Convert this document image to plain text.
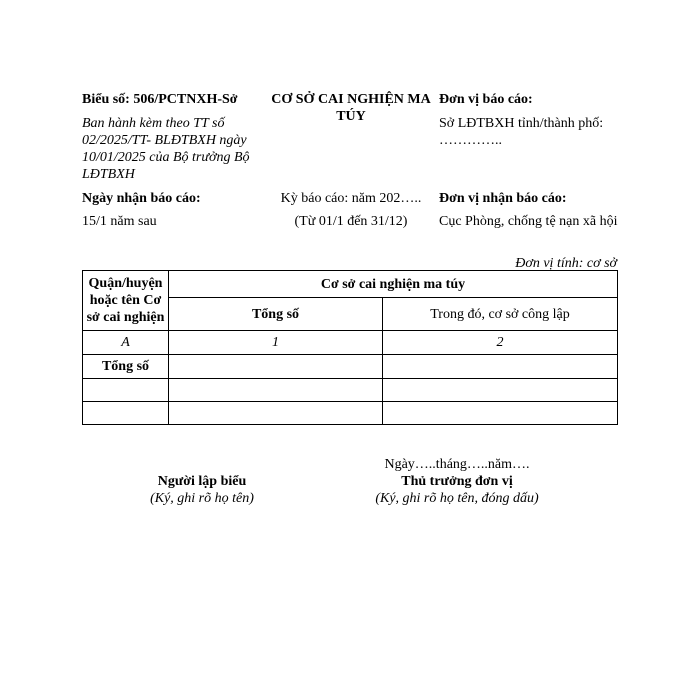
Biểu số: 506/PCTNXH-Sở
Ban hành kèm theo TT số 02/2025/TT- BLĐTBXH ngày 10/01/2025 của Bộ trưởng Bộ LĐTBXH
CƠ SỞ CAI NGHIỆN MA TÚY
Đơn vị báo cáo:
Sở LĐTBXH tỉnh/thành phố: …………..
Ngày nhận báo cáo:
15/1 năm sau
Kỳ báo cáo: năm 202…..
(Từ 01/1 đến 31/12)
Đơn vị nhận báo cáo:
Cục Phòng, chống tệ nạn xã hội
Đơn vị tính: cơ sở
Quận/huyện hoặc tên Cơ sở cai nghiện	Cơ sở cai nghiện ma túy	
	Tổng số	Trong đó, cơ sở công lập
A	1	2
Tổng số		

Ngày…..tháng…..năm….
Người lập biểu
(Ký, ghi rõ họ tên)
Thủ trưởng đơn vị
(Ký, ghi rõ họ tên, đóng dấu)
